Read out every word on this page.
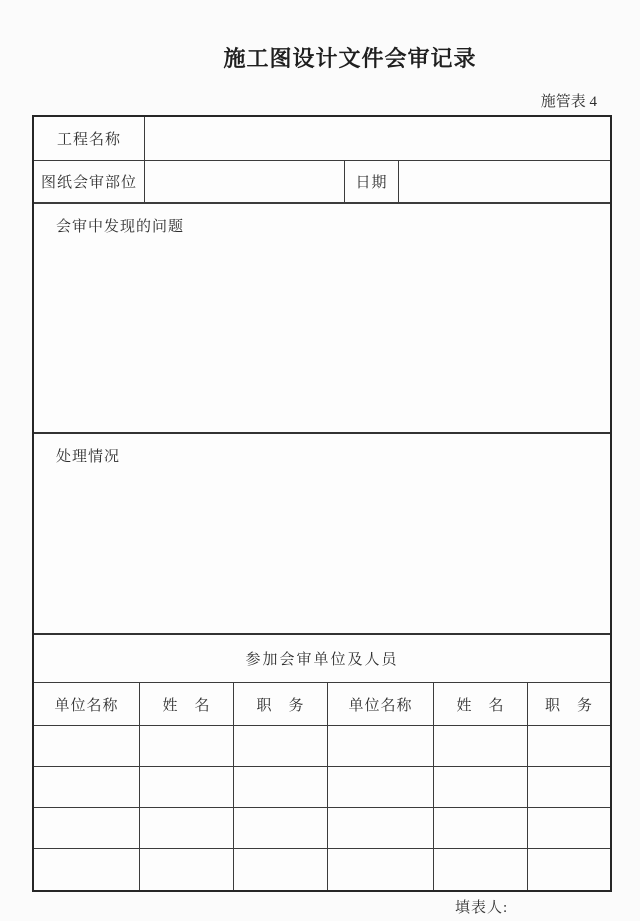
施工图设计文件会审记录
施管表 4
工程名称
图纸会审部位	日期
会审中发现的问题
处理情况
参加会审单位及人员
单位名称	姓　名	职　务	单位名称	姓　名	职　务
填表人:
